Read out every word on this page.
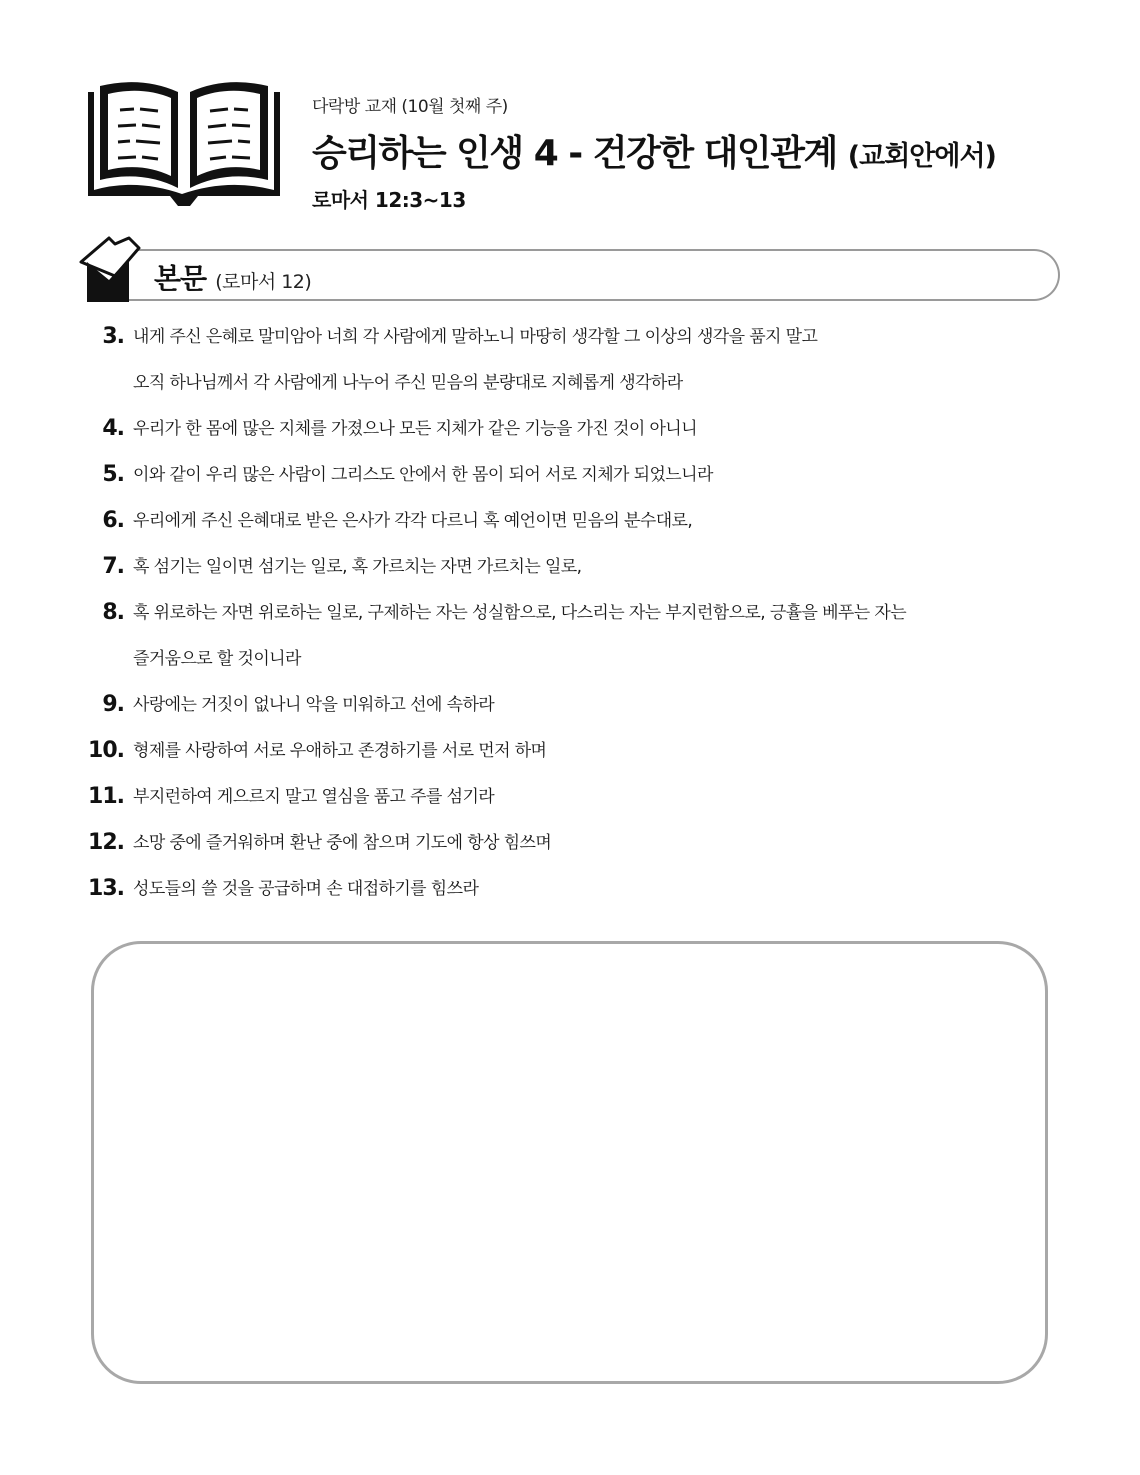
다락방 교재 (10월 첫째 주)
승리하는 인생 4 - 건강한 대인관계 (교회안에서)
로마서 12:3~13
본문 (로마서 12)
3. 내게 주신 은혜로 말미암아 너희 각 사람에게 말하노니 마땅히 생각할 그 이상의 생각을 품지 말고
오직 하나님께서 각 사람에게 나누어 주신 믿음의 분량대로 지혜롭게 생각하라
4. 우리가 한 몸에 많은 지체를 가졌으나 모든 지체가 같은 기능을 가진 것이 아니니
5. 이와 같이 우리 많은 사람이 그리스도 안에서 한 몸이 되어 서로 지체가 되었느니라
6. 우리에게 주신 은혜대로 받은 은사가 각각 다르니 혹 예언이면 믿음의 분수대로,
7. 혹 섬기는 일이면 섬기는 일로, 혹 가르치는 자면 가르치는 일로,
8. 혹 위로하는 자면 위로하는 일로, 구제하는 자는 성실함으로, 다스리는 자는 부지런함으로, 긍휼을 베푸는 자는
즐거움으로 할 것이니라
9. 사랑에는 거짓이 없나니 악을 미워하고 선에 속하라
10. 형제를 사랑하여 서로 우애하고 존경하기를 서로 먼저 하며
11. 부지런하여 게으르지 말고 열심을 품고 주를 섬기라
12. 소망 중에 즐거워하며 환난 중에 참으며 기도에 항상 힘쓰며
13. 성도들의 쓸 것을 공급하며 손 대접하기를 힘쓰라
